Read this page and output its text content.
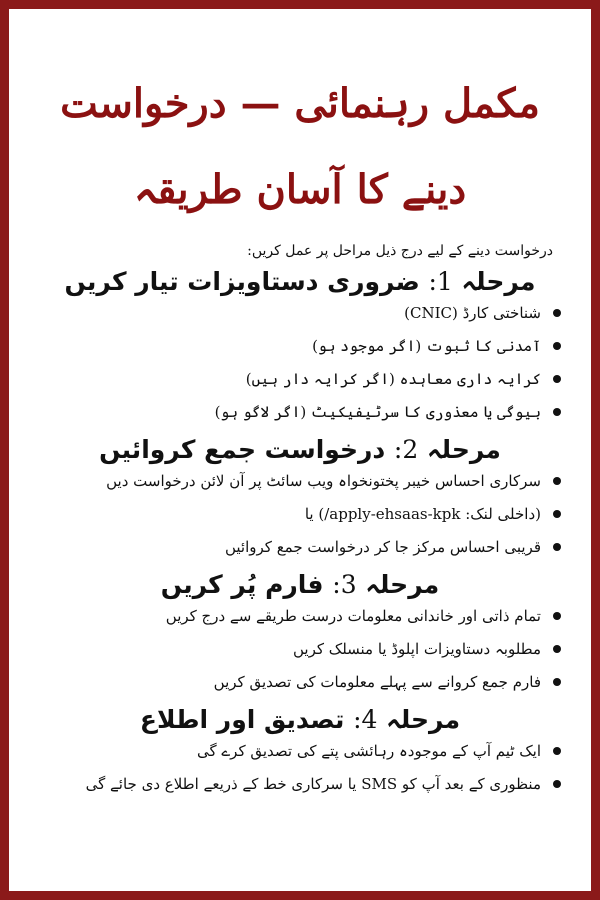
مکمل رہنمائی — درخواست دینے کا آسان طریقہ
درخواست دینے کے لیے درج ذیل مراحل پر عمل کریں:
مرحلہ 1: ضروری دستاویزات تیار کریں
شناختی کارڈ (CNIC)
آمدنی کا ثبوت (اگر موجود ہو)
کرایہ داری معاہدہ (اگر کرایہ دار ہیں)
بیوگی یا معذوری کا سرٹیفیکیٹ (اگر لاگو ہو)
مرحلہ 2: درخواست جمع کروائیں
سرکاری احساس خیبر پختونخواہ ویب سائٹ پر آن لائن درخواست دیں
(داخلی لنک: apply-ehsaas-kpk/) یا
قریبی احساس مرکز جا کر درخواست جمع کروائیں
مرحلہ 3: فارم پُر کریں
تمام ذاتی اور خاندانی معلومات درست طریقے سے درج کریں
مطلوبہ دستاویزات اپلوڈ یا منسلک کریں
فارم جمع کروانے سے پہلے معلومات کی تصدیق کریں
مرحلہ 4: تصدیق اور اطلاع
ایک ٹیم آپ کے موجودہ رہائشی پتے کی تصدیق کرے گی
منظوری کے بعد آپ کو SMS یا سرکاری خط کے ذریعے اطلاع دی جائے گی
